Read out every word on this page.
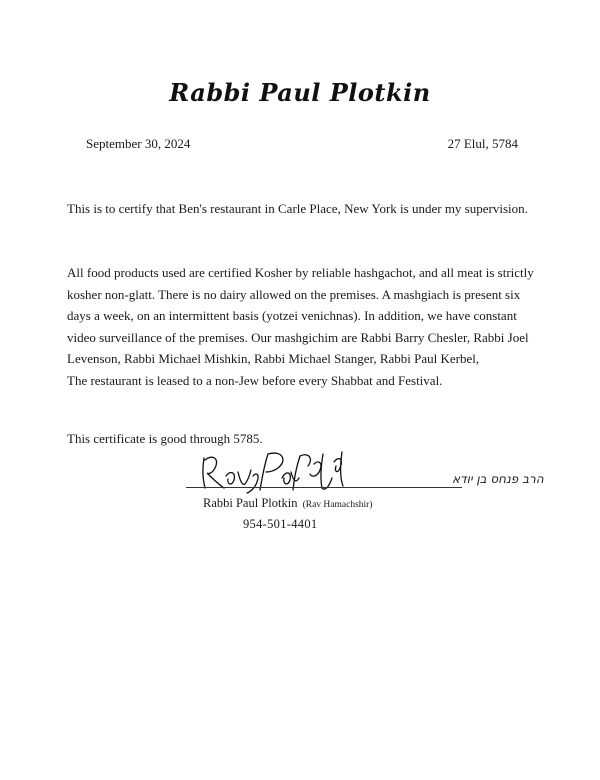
Rabbi Paul Plotkin
September 30, 2024	27 Elul, 5784
This is to certify that Ben's restaurant in Carle Place, New York is under my supervision.
All food products used are certified Kosher by reliable hashgachot, and all meat is strictly kosher non-glatt. There is no dairy allowed on the premises. A mashgiach is present six days a week, on an intermittent basis (yotzei venichnas). In addition, we have constant video surveillance of the premises. Our mashgichim are Rabbi Barry Chesler, Rabbi Joel Levenson, Rabbi Michael Mishkin, Rabbi Michael Stanger, Rabbi Paul Kerbel,
The restaurant is leased to a non-Jew before every Shabbat and Festival.
This certificate is good through 5785.
הרב פנחס בן יודא
Rabbi Paul Plotkin (Rav Hamachshir)
954-501-4401
